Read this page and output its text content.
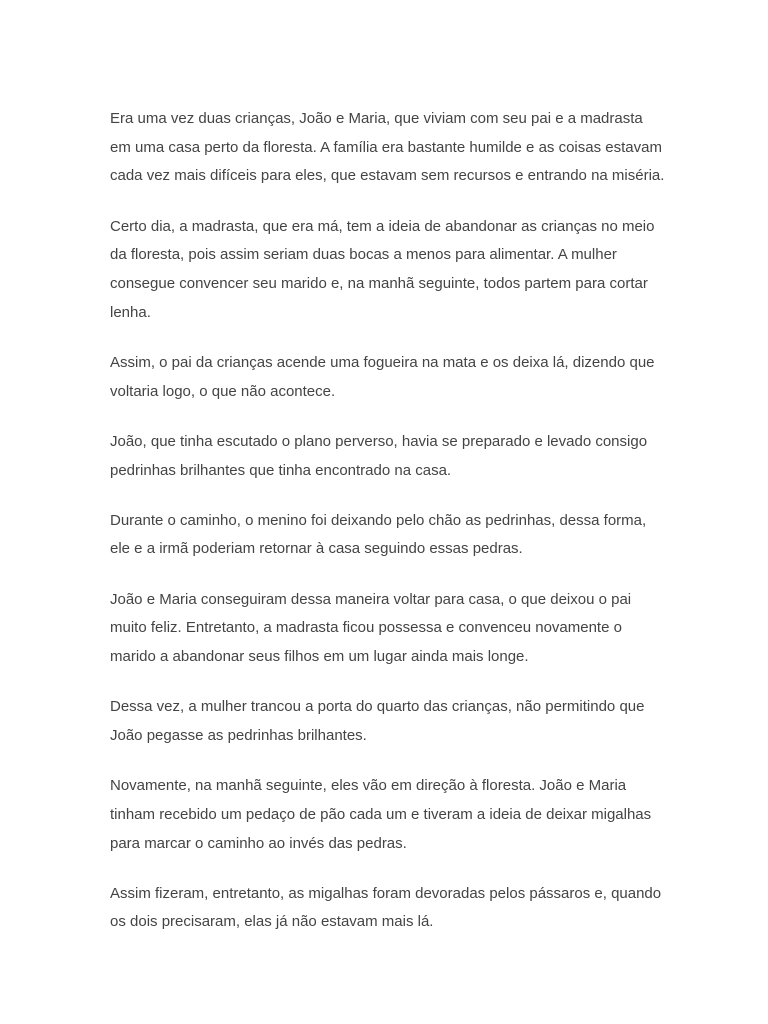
Era uma vez duas crianças, João e Maria, que viviam com seu pai e a madrasta
em uma casa perto da floresta. A família era bastante humilde e as coisas estavam
cada vez mais difíceis para eles, que estavam sem recursos e entrando na miséria.

Certo dia, a madrasta, que era má, tem a ideia de abandonar as crianças no meio
da floresta, pois assim seriam duas bocas a menos para alimentar. A mulher
consegue convencer seu marido e, na manhã seguinte, todos partem para cortar
lenha.

Assim, o pai da crianças acende uma fogueira na mata e os deixa lá, dizendo que
voltaria logo, o que não acontece.

João, que tinha escutado o plano perverso, havia se preparado e levado consigo
pedrinhas brilhantes que tinha encontrado na casa.

Durante o caminho, o menino foi deixando pelo chão as pedrinhas, dessa forma,
ele e a irmã poderiam retornar à casa seguindo essas pedras.

João e Maria conseguiram dessa maneira voltar para casa, o que deixou o pai
muito feliz. Entretanto, a madrasta ficou possessa e convenceu novamente o
marido a abandonar seus filhos em um lugar ainda mais longe.

Dessa vez, a mulher trancou a porta do quarto das crianças, não permitindo que
João pegasse as pedrinhas brilhantes.

Novamente, na manhã seguinte, eles vão em direção à floresta. João e Maria
tinham recebido um pedaço de pão cada um e tiveram a ideia de deixar migalhas
para marcar o caminho ao invés das pedras.

Assim fizeram, entretanto, as migalhas foram devoradas pelos pássaros e, quando
os dois precisaram, elas já não estavam mais lá.
